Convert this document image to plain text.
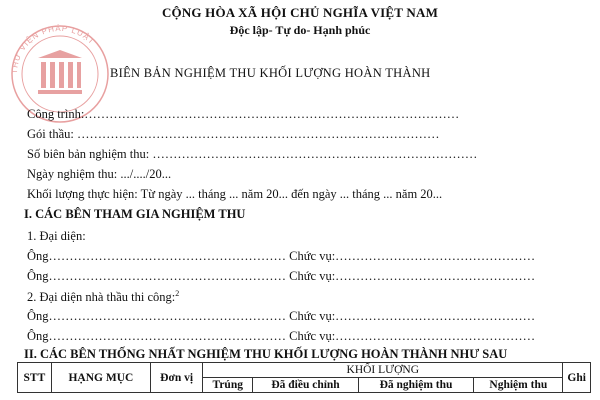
THƯ VIỆN PHÁP LUẬT
CỘNG HÒA XÃ HỘI CHỦ NGHĨA VIỆT NAM
Độc lập- Tự do- Hạnh phúc
BIÊN BẢN NGHIỆM THU KHỐI LƯỢNG HOÀN THÀNH
Công trình:………………………………………………………………………………
Gói thầu: ……………………………………………………………………………
Số biên bản nghiệm thu: ……………………………………………………………………
Ngày nghiệm thu: .../..../20...
Khối lượng thực hiện: Từ ngày ... tháng ... năm 20... đến ngày ... tháng ... năm 20...
I. CÁC BÊN THAM GIA NGHIỆM THU
1. Đại diện:
Ông………………………………………………… Chức vụ:…………………………………………
Ông………………………………………………… Chức vụ:…………………………………………
2. Đại diện nhà thầu thi công:$^2$
Ông………………………………………………… Chức vụ:…………………………………………
Ông………………………………………………… Chức vụ:…………………………………………
II. CÁC BÊN THỐNG NHẤT NGHIỆM THU KHỐI LƯỢNG HOÀN THÀNH NHƯ SAU
STT	HẠNG MỤC	Đơn vị	KHỐI LƯỢNG				Ghi
			Trúng	Đã điều chỉnh	Đã nghiệm thu	Nghiệm thu	
